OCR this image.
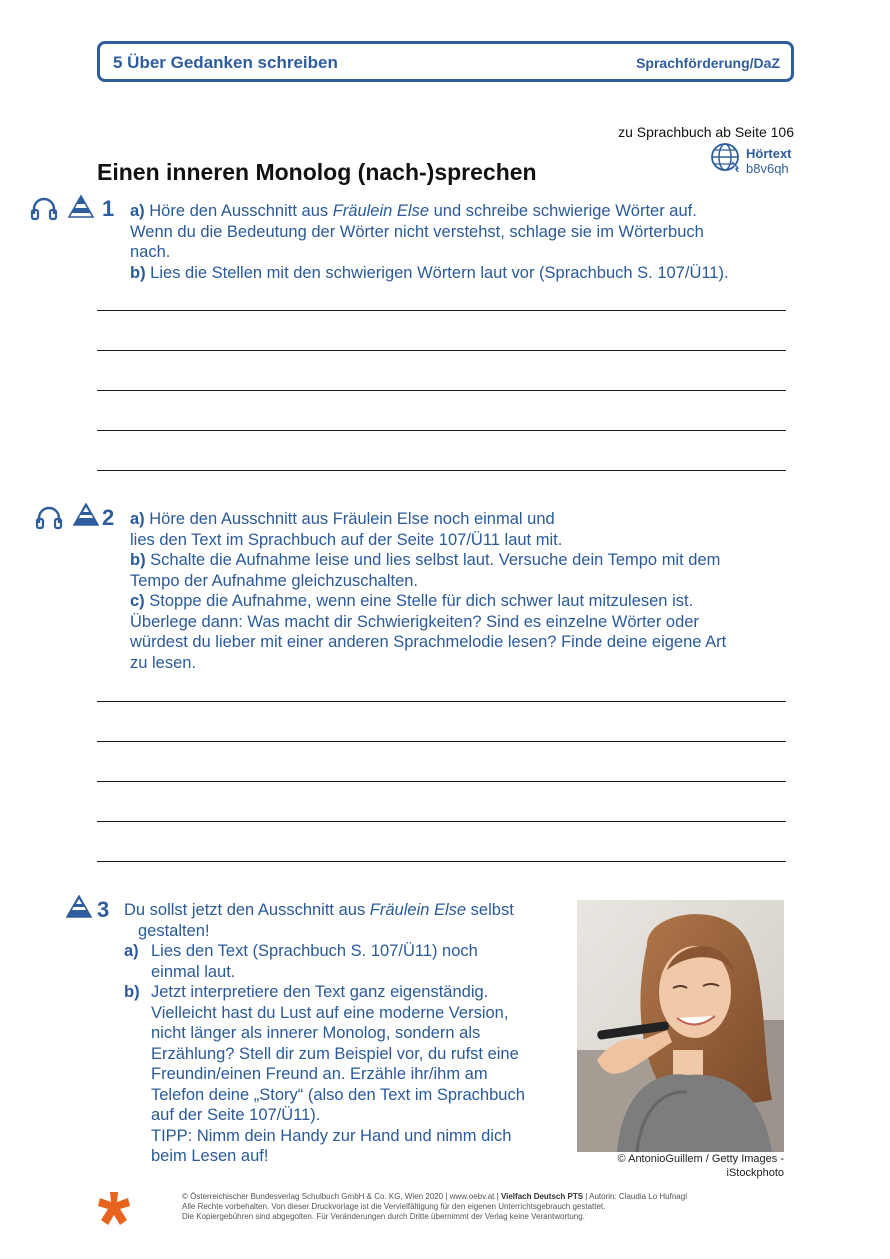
5 Über Gedanken schreiben	Sprachförderung/DaZ
zu Sprachbuch ab Seite 106
Hörtext
b8v6qh
Einen inneren Monolog (nach-)sprechen
1 a) Höre den Ausschnitt aus Fräulein Else und schreibe schwierige Wörter auf.
Wenn du die Bedeutung der Wörter nicht verstehst, schlage sie im Wörterbuch
nach.
b) Lies die Stellen mit den schwierigen Wörtern laut vor (Sprachbuch S. 107/Ü11).
2 a) Höre den Ausschnitt aus Fräulein Else noch einmal und
lies den Text im Sprachbuch auf der Seite 107/Ü11 laut mit.
b) Schalte die Aufnahme leise und lies selbst laut. Versuche dein Tempo mit dem
Tempo der Aufnahme gleichzuschalten.
c) Stoppe die Aufnahme, wenn eine Stelle für dich schwer laut mitzulesen ist.
Überlege dann: Was macht dir Schwierigkeiten? Sind es einzelne Wörter oder
würdest du lieber mit einer anderen Sprachmelodie lesen? Finde deine eigene Art
zu lesen.
3 Du sollst jetzt den Ausschnitt aus Fräulein Else selbst
gestalten!
a) Lies den Text (Sprachbuch S. 107/Ü11) noch
einmal laut.
b) Jetzt interpretiere den Text ganz eigenständig.
Vielleicht hast du Lust auf eine moderne Version,
nicht länger als innerer Monolog, sondern als
Erzählung? Stell dir zum Beispiel vor, du rufst eine
Freundin/einen Freund an. Erzähle ihr/ihm am
Telefon deine „Story“ (also den Text im Sprachbuch
auf der Seite 107/Ü11).
TIPP: Nimm dein Handy zur Hand und nimm dich
beim Lesen auf!	© AntonioGuillem / Getty Images -
iStockphoto
© Österreichischer Bundesverlag Schulbuch GmbH & Co. KG, Wien 2020 | www.oebv.at | Vielfach Deutsch PTS | Autorin: Claudia Lo Hufnagl
Alle Rechte vorbehalten. Von dieser Druckvorlage ist die Vervielfältigung für den eigenen Unterrichtsgebrauch gestattet.
Die Kopiergebühren sind abgegolten. Für Veränderungen durch Dritte übernimmt der Verlag keine Verantwortung.
